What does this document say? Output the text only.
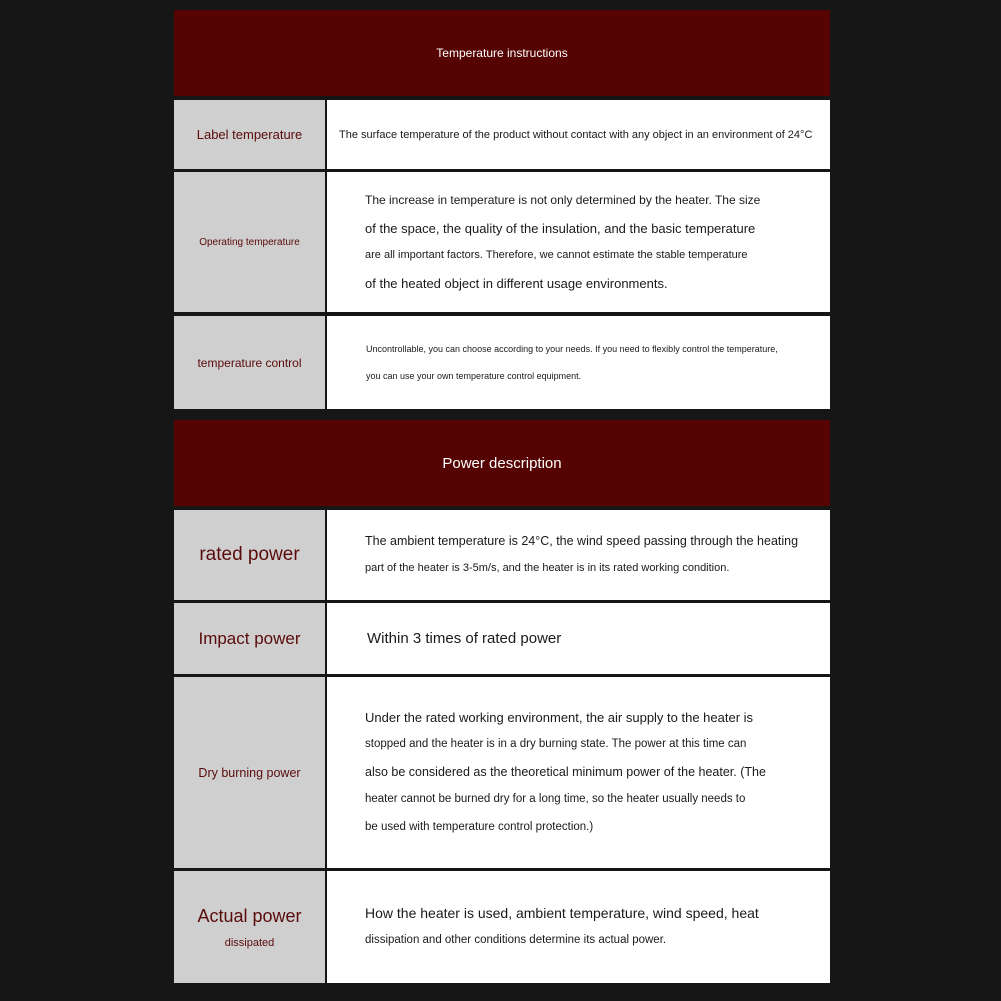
Temperature instructions
Label temperature	The surface temperature of the product without contact with any object in an environment of 24°C

Operating temperature

The increase in temperature is not only determined by the heater. The size

of the space, the quality of the insulation, and the basic temperature

are all important factors. Therefore, we cannot estimate the stable temperature

of the heated object in different usage environments.

temperature control

Uncontrollable, you can choose according to your needs. If you need to flexibly control the temperature,

you can use your own temperature control equipment.

Power description
rated power

The ambient temperature is 24°C, the wind speed passing through the heating

part of the heater is 3-5m/s, and the heater is in its rated working condition.

Impact power	Within 3 times of rated power

Dry burning power

Under the rated working environment, the air supply to the heater is

stopped and the heater is in a dry burning state. The power at this time can

also be considered as the theoretical minimum power of the heater. (The

heater cannot be burned dry for a long time, so the heater usually needs to

be used with temperature control protection.)

Actual power
dissipated

How the heater is used, ambient temperature, wind speed, heat

dissipation and other conditions determine its actual power.
